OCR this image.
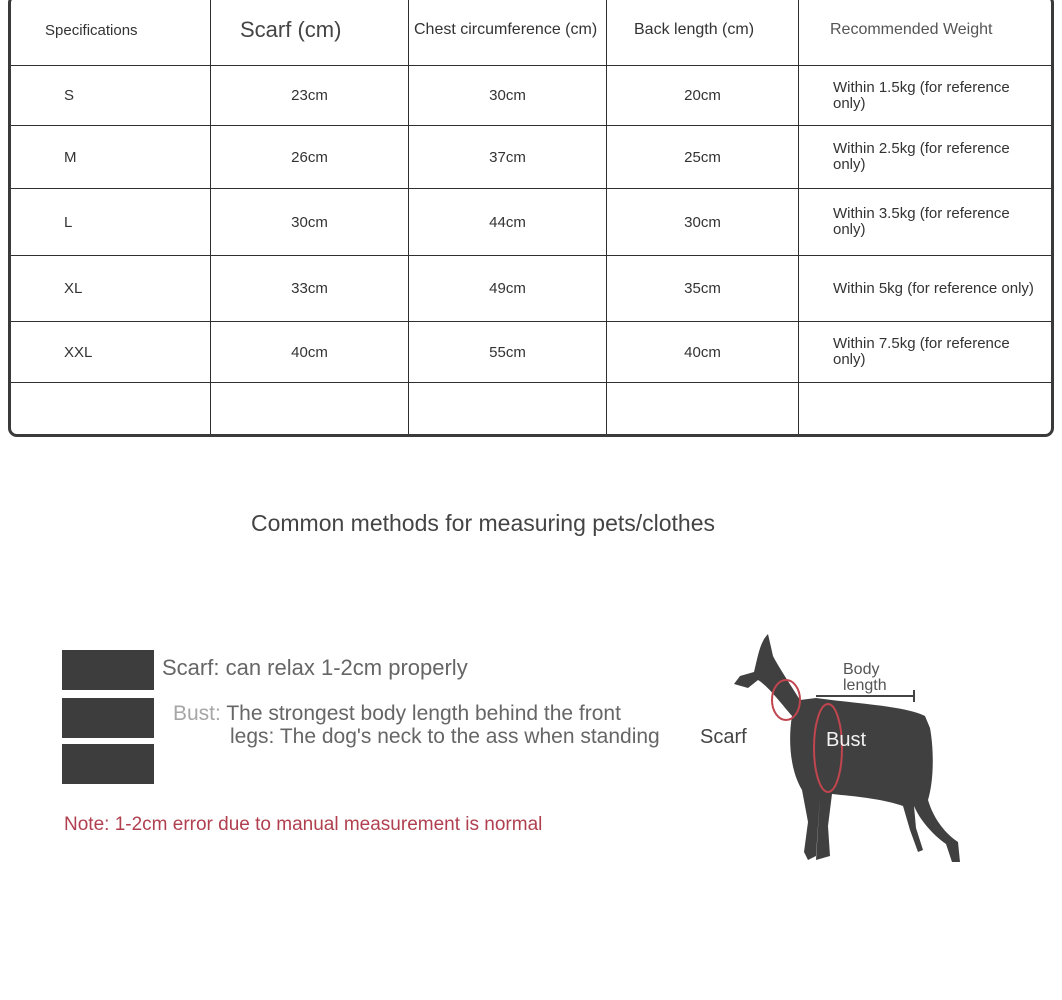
Specifications	Scarf (cm)	Chest circumference (cm)	Back length (cm)	Recommended Weight
S	23cm	30cm	20cm	Within 1.5kg (for reference only)
M	26cm	37cm	25cm	Within 2.5kg (for reference only)
L	30cm	44cm	30cm	Within 3.5kg (for reference only)
XL	33cm	49cm	35cm	Within 5kg (for reference only)
XXL	40cm	55cm	40cm	Within 7.5kg (for reference only)

Common methods for measuring pets/clothes
Scarf: can relax 1-2cm properly
Bust: The strongest body length behind the front
legs: The dog's neck to the ass when standing
Note: 1-2cm error due to manual measurement is normal
Body
length
Scarf	Bust
